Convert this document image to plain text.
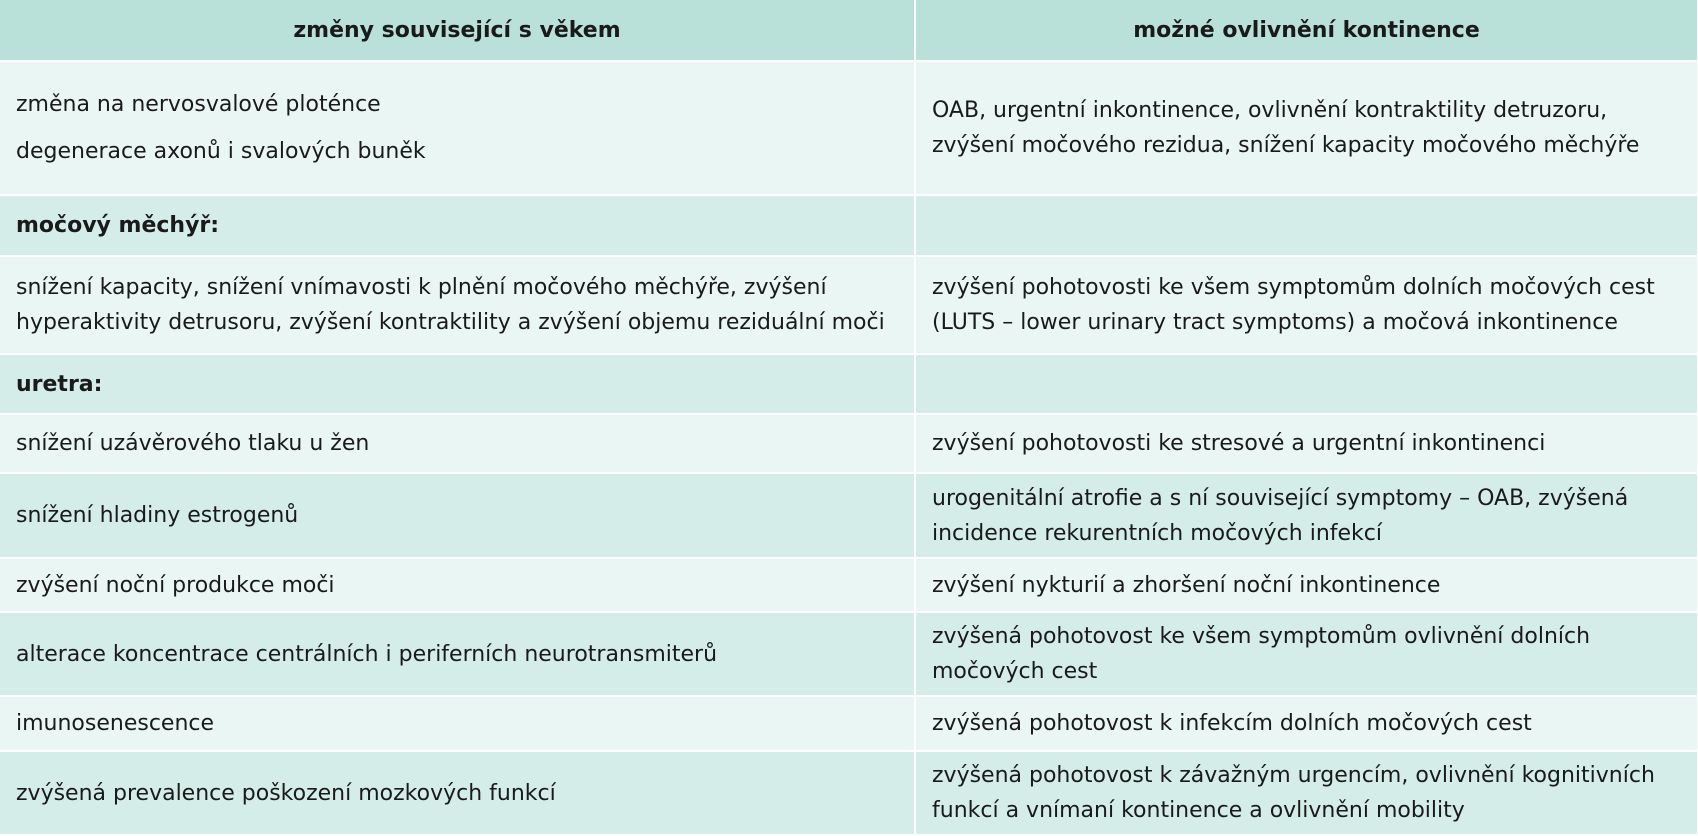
změny související s věkem	možné ovlivnění kontinence

změna na nervosvalové ploténce
degenerace axonů i svalových buněk	OAB, urgentní inkontinence, ovlivnění kontraktility detruzoru, zvýšení močového rezidua, snížení kapacity močového měchýře
močový měchýř:	
snížení kapacity, snížení vnímavosti k plnění močového měchýře, zvýšení hyperaktivity detrusoru, zvýšení kontraktility a zvýšení objemu reziduální moči	zvýšení pohotovosti ke všem symptomům dolních močových cest (LUTS – lower urinary tract symptoms) a močová inkontinence
uretra:	
snížení uzávěrového tlaku u žen	zvýšení pohotovosti ke stresové a urgentní inkontinenci
snížení hladiny estrogenů	urogenitální atrofie a s ní související symptomy – OAB, zvýšená incidence rekurentních močových infekcí
zvýšení noční produkce moči	zvýšení nykturií a zhoršení noční inkontinence
alterace koncentrace centrálních i periferních neurotransmiterů	zvýšená pohotovost ke všem symptomům ovlivnění dolních močových cest
imunosenescence	zvýšená pohotovost k infekcím dolních močových cest
zvýšená prevalence poškození mozkových funkcí	zvýšená pohotovost k závažným urgencím, ovlivnění kognitivních funkcí a vnímaní kontinence a ovlivnění mobility
